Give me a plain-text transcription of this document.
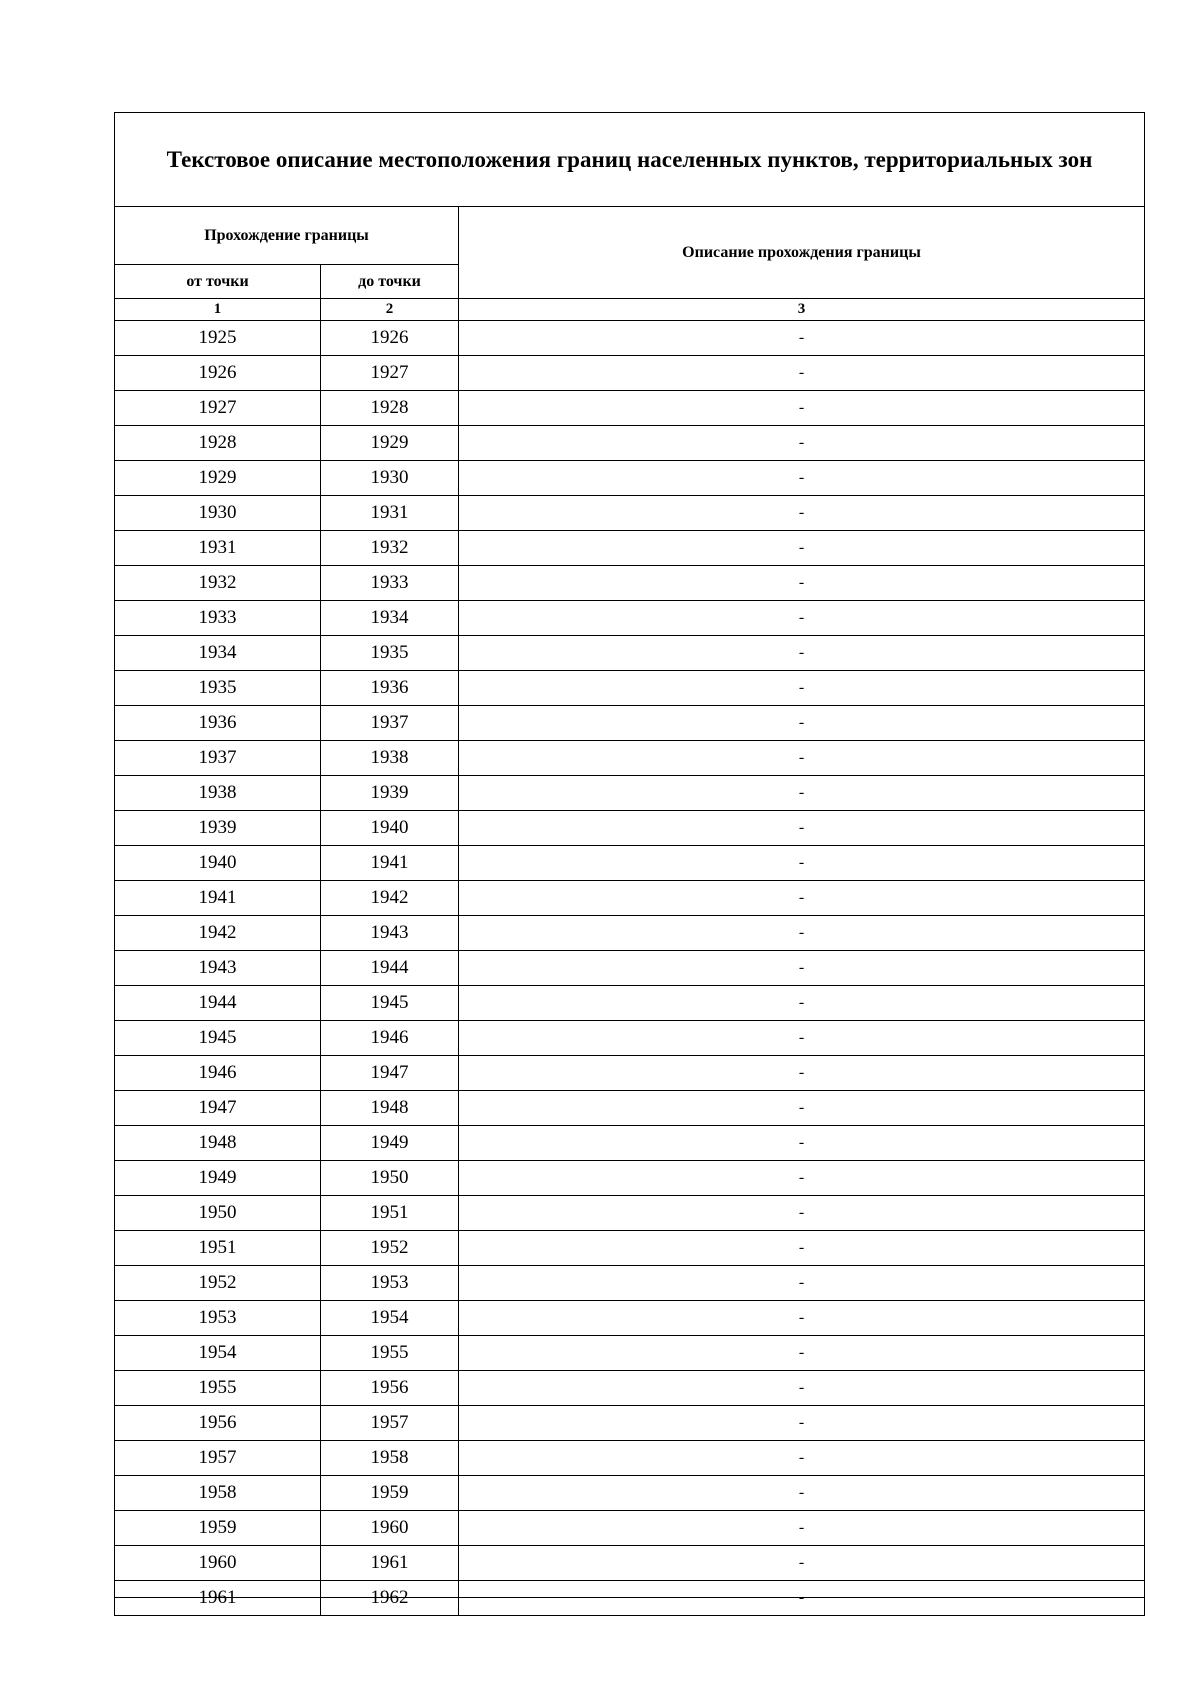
Текстовое описание местоположения границ населенных пунктов, территориальных зон		
Прохождение границы		Описание прохождения границы
от точки	до точки	
1	2	3
1925	1926	-
1926	1927	-
1927	1928	-
1928	1929	-
1929	1930	-
1930	1931	-
1931	1932	-
1932	1933	-
1933	1934	-
1934	1935	-
1935	1936	-
1936	1937	-
1937	1938	-
1938	1939	-
1939	1940	-
1940	1941	-
1941	1942	-
1942	1943	-
1943	1944	-
1944	1945	-
1945	1946	-
1946	1947	-
1947	1948	-
1948	1949	-
1949	1950	-
1950	1951	-
1951	1952	-
1952	1953	-
1953	1954	-
1954	1955	-
1955	1956	-
1956	1957	-
1957	1958	-
1958	1959	-
1959	1960	-
1960	1961	-
1961	1962	-
